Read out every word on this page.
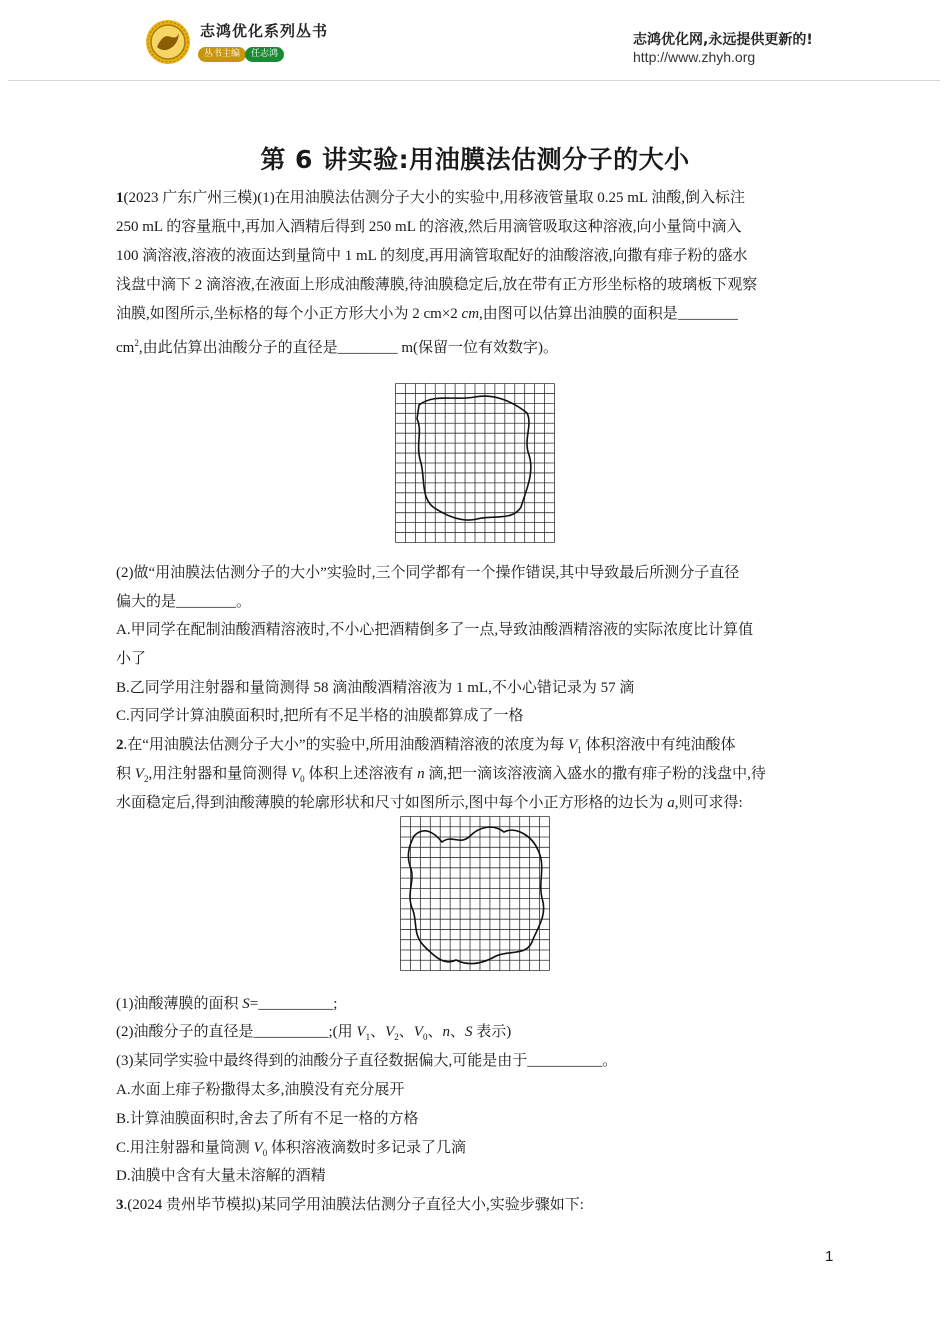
志鸿优化系列丛书
丛书主编	任志鸿
志鸿优化网,永远提供更新的!
http://www.zhyh.org
第 6 讲实验:用油膜法估测分子的大小
1(2023 广东广州三模)(1)在用油膜法估测分子大小的实验中,用移液管量取 0.25 mL 油酸,倒入标注
250 mL 的容量瓶中,再加入酒精后得到 250 mL 的溶液,然后用滴管吸取这种溶液,向小量筒中滴入
100 滴溶液,溶液的液面达到量筒中 1 mL 的刻度,再用滴管取配好的油酸溶液,向撒有痱子粉的盛水
浅盘中滴下 2 滴溶液,在液面上形成油酸薄膜,待油膜稳定后,放在带有正方形坐标格的玻璃板下观察
油膜,如图所示,坐标格的每个小正方形大小为 2 cm×2 cm,由图可以估算出油膜的面积是________
$cm^2$,由此估算出油酸分子的直径是________ m(保留一位有效数字)。
(2)做“用油膜法估测分子的大小”实验时,三个同学都有一个操作错误,其中导致最后所测分子直径
偏大的是________。
A.甲同学在配制油酸酒精溶液时,不小心把酒精倒多了一点,导致油酸酒精溶液的实际浓度比计算值
小了
B.乙同学用注射器和量筒测得 58 滴油酸酒精溶液为 1 mL,不小心错记录为 57 滴
C.丙同学计算油膜面积时,把所有不足半格的油膜都算成了一格
2.在“用油膜法估测分子大小”的实验中,所用油酸酒精溶液的浓度为每 $V_1$ 体积溶液中有纯油酸体
积 $V_2$,用注射器和量筒测得 $V_0$ 体积上述溶液有 n 滴,把一滴该溶液滴入盛水的撒有痱子粉的浅盘中,待
水面稳定后,得到油酸薄膜的轮廓形状和尺寸如图所示,图中每个小正方形格的边长为 a,则可求得:
(1)油酸薄膜的面积 S=__________;
(2)油酸分子的直径是__________;(用 $V_1$、$V_2$、$V_0$、n、S 表示)
(3)某同学实验中最终得到的油酸分子直径数据偏大,可能是由于__________。
A.水面上痱子粉撒得太多,油膜没有充分展开
B.计算油膜面积时,舍去了所有不足一格的方格
C.用注射器和量筒测 $V_0$ 体积溶液滴数时多记录了几滴
D.油膜中含有大量未溶解的酒精
3.(2024 贵州毕节模拟)某同学用油膜法估测分子直径大小,实验步骤如下:
1
